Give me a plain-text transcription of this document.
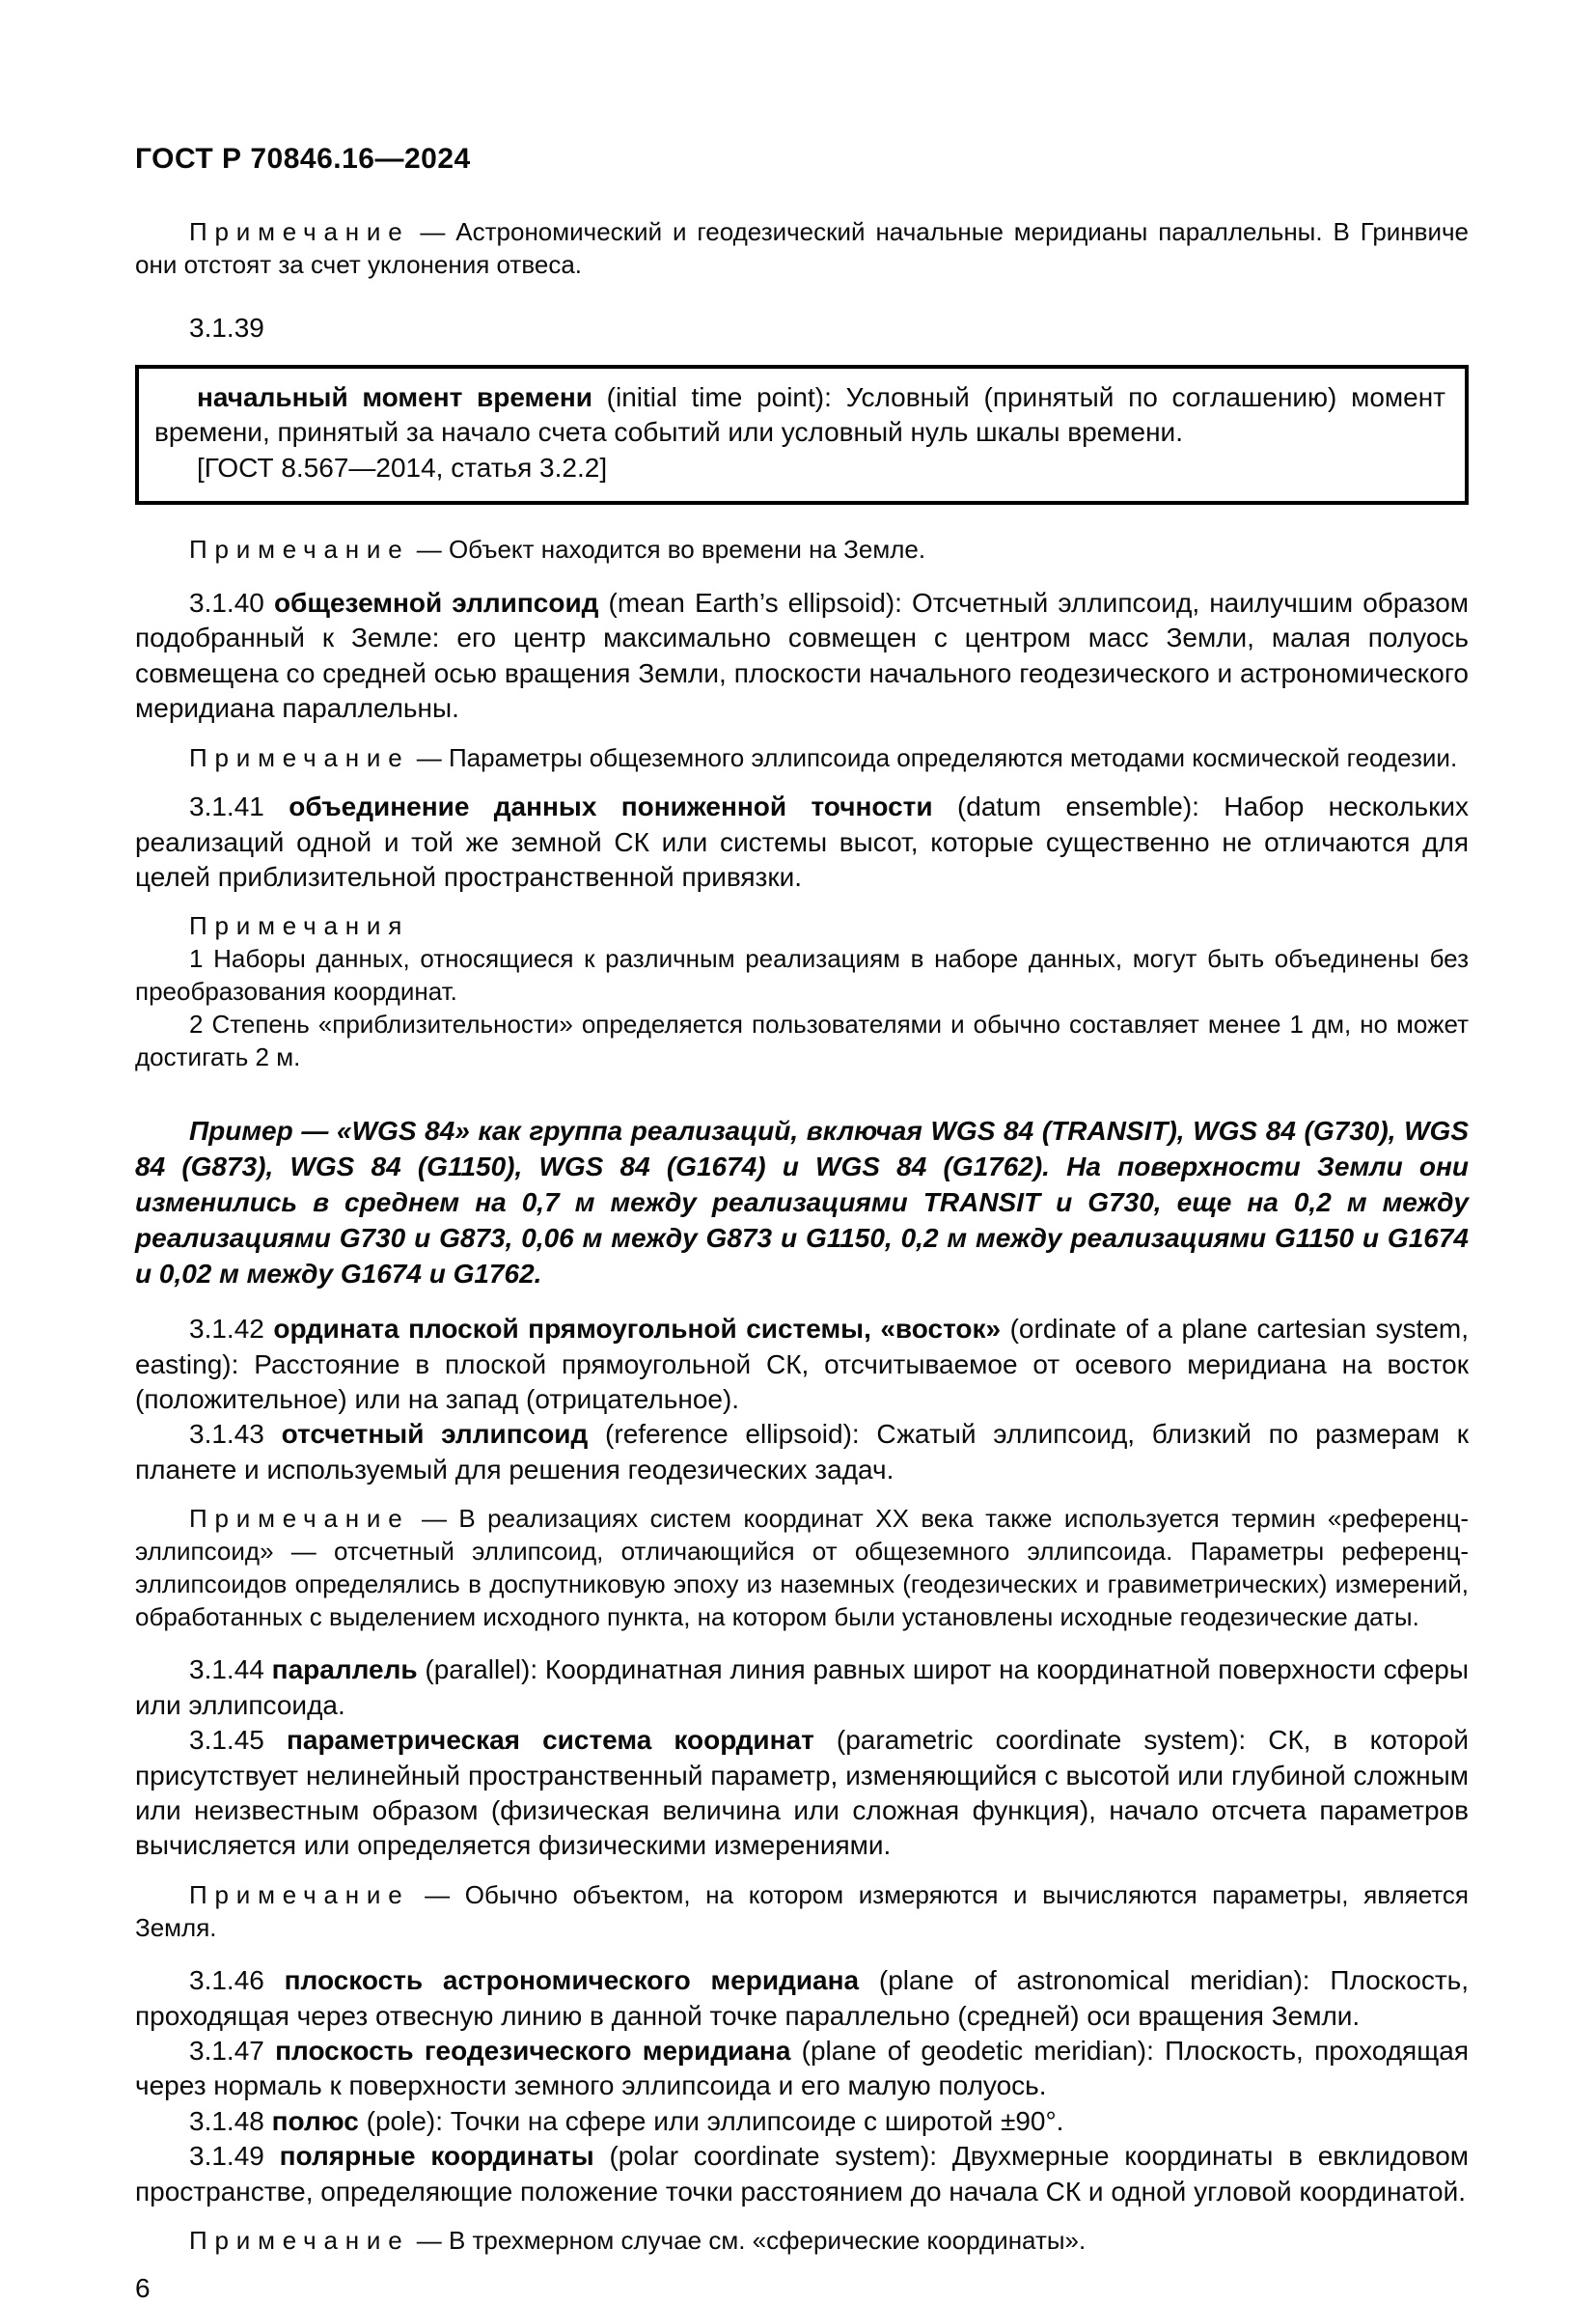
ГОСТ Р 70846.16—2024

Примечание — Астрономический и геодезический начальные меридианы параллельны. В Гринвиче они отстоят за счет уклонения отвеса.

3.1.39

начальный момент времени (initial time point): Условный (принятый по соглашению) момент времени, принятый за начало счета событий или условный нуль шкалы времени.

[ГОСТ 8.567—2014, статья 3.2.2]

Примечание — Объект находится во времени на Земле.

3.1.40 общеземной эллипсоид (mean Earth’s ellipsoid): Отсчетный эллипсоид, наилучшим образом подобранный к Земле: его центр максимально совмещен с центром масс Земли, малая полуось совмещена со средней осью вращения Земли, плоскости начального геодезического и астрономического меридиана параллельны.

Примечание — Параметры общеземного эллипсоида определяются методами космической геодезии.

3.1.41 объединение данных пониженной точности (datum ensemble): Набор нескольких реализаций одной и той же земной СК или системы высот, которые существенно не отличаются для целей приблизительной пространственной привязки.

Примечания

1 Наборы данных, относящиеся к различным реализациям в наборе данных, могут быть объединены без преобразования координат.

2 Степень «приблизительности» определяется пользователями и обычно составляет менее 1 дм, но может достигать 2 м.

Пример — «WGS 84» как группа реализаций, включая WGS 84 (TRANSIT), WGS 84 (G730), WGS 84 (G873), WGS 84 (G1150), WGS 84 (G1674) и WGS 84 (G1762). На поверхности Земли они изменились в среднем на 0,7 м между реализациями TRANSIT и G730, еще на 0,2 м между реализациями G730 и G873, 0,06 м между G873 и G1150, 0,2 м между реализациями G1150 и G1674 и 0,02 м между G1674 и G1762.

3.1.42 ордината плоской прямоугольной системы, «восток» (ordinate of a plane cartesian system, easting): Расстояние в плоской прямоугольной СК, отсчитываемое от осевого меридиана на восток (положительное) или на запад (отрицательное).

3.1.43 отсчетный эллипсоид (reference ellipsoid): Сжатый эллипсоид, близкий по размерам к планете и используемый для решения геодезических задач.

Примечание — В реализациях систем координат XX века также используется термин «референц-эллипсоид» — отсчетный эллипсоид, отличающийся от общеземного эллипсоида. Параметры референц-эллипсоидов определялись в доспутниковую эпоху из наземных (геодезических и гравиметрических) измерений, обработанных с выделением исходного пункта, на котором были установлены исходные геодезические даты.

3.1.44 параллель (parallel): Координатная линия равных широт на координатной поверхности сферы или эллипсоида.

3.1.45 параметрическая система координат (parametric coordinate system): СК, в которой присутствует нелинейный пространственный параметр, изменяющийся с высотой или глубиной сложным или неизвестным образом (физическая величина или сложная функция), начало отсчета параметров вычисляется или определяется физическими измерениями.

Примечание — Обычно объектом, на котором измеряются и вычисляются параметры, является Земля.

3.1.46 плоскость астрономического меридиана (plane of astronomical meridian): Плоскость, проходящая через отвесную линию в данной точке параллельно (средней) оси вращения Земли.

3.1.47 плоскость геодезического меридиана (plane of geodetic meridian): Плоскость, проходящая через нормаль к поверхности земного эллипсоида и его малую полуось.

3.1.48 полюс (pole): Точки на сфере или эллипсоиде с широтой ±90°.

3.1.49 полярные координаты (polar coordinate system): Двухмерные координаты в евклидовом пространстве, определяющие положение точки расстоянием до начала СК и одной угловой координатой.

Примечание — В трехмерном случае см. «сферические координаты».

6
